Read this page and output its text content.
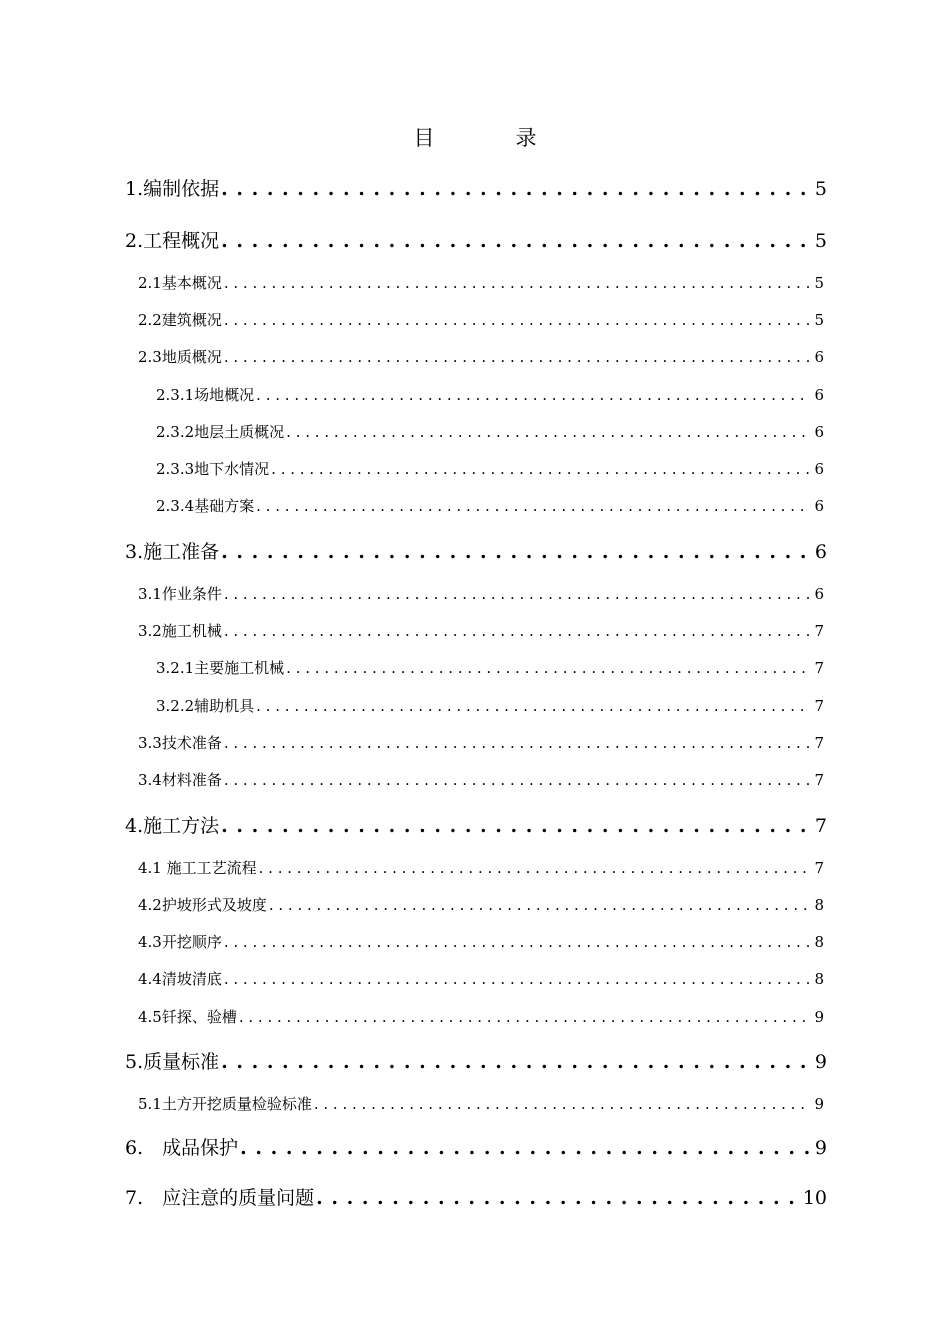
目　录
1.编制依据 . . .	5
2.工程概况 . . .	5
2.1基本概况 . . .	5
2.2建筑概况 . . .	5
2.3地质概况 . . .	6
2.3.1场地概况 . . .	6
2.3.2地层土质概况 . . .	6
2.3.3地下水情况 . . .	6
2.3.4基础方案 . . .	6
3.施工准备 . . .	6
3.1作业条件 . . .	6
3.2施工机械 . . .	7
3.2.1主要施工机械 . . .	7
3.2.2辅助机具 . . .	7
3.3技术准备 . . .	7
3.4材料准备 . . .	7
4.施工方法 . . .	7
4.1 施工工艺流程 . . .	7
4.2护坡形式及坡度 . . .	8
4.3开挖顺序 . . .	8
4.4清坡清底 . . .	8
4.5钎探、验槽 . . .	9
5.质量标准 . . .	9
5.1土方开挖质量检验标准 . . .	9
6.　成品保护 . . .	9
7.　应注意的质量问题 . . .	10
